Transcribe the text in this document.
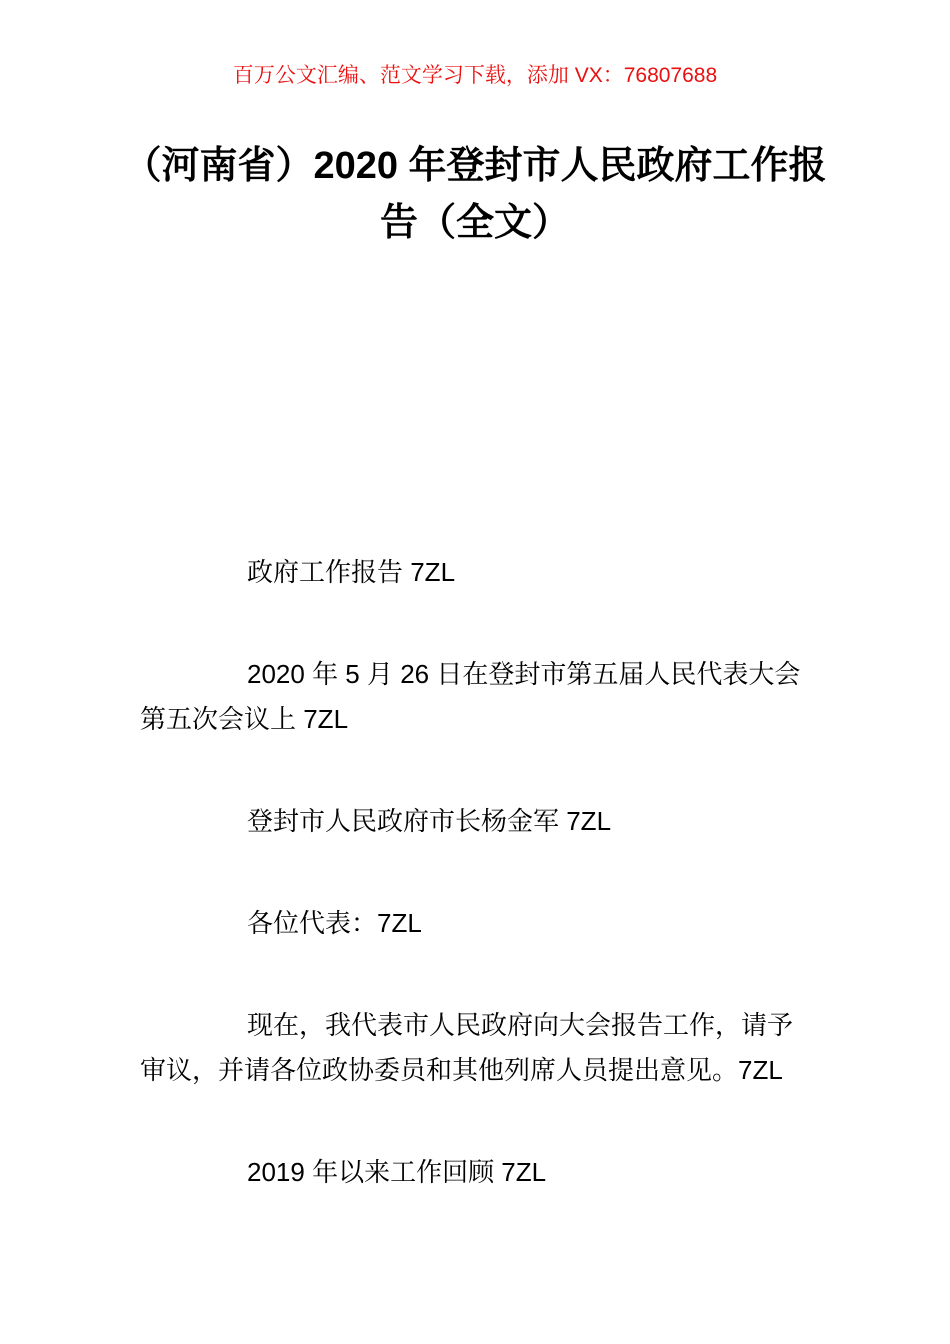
百万公文汇编、范文学习下载，添加 VX：76807688
（河南省）2020 年登封市人民政府工作报
告（全文）

政府工作报告 7ZL

2020 年 5 月 26 日在登封市第五届人民代表大会
第五次会议上 7ZL

登封市人民政府市长杨金军 7ZL

各位代表：7ZL

现在，我代表市人民政府向大会报告工作，请予
审议，并请各位政协委员和其他列席人员提出意见。7ZL

2019 年以来工作回顾 7ZL
